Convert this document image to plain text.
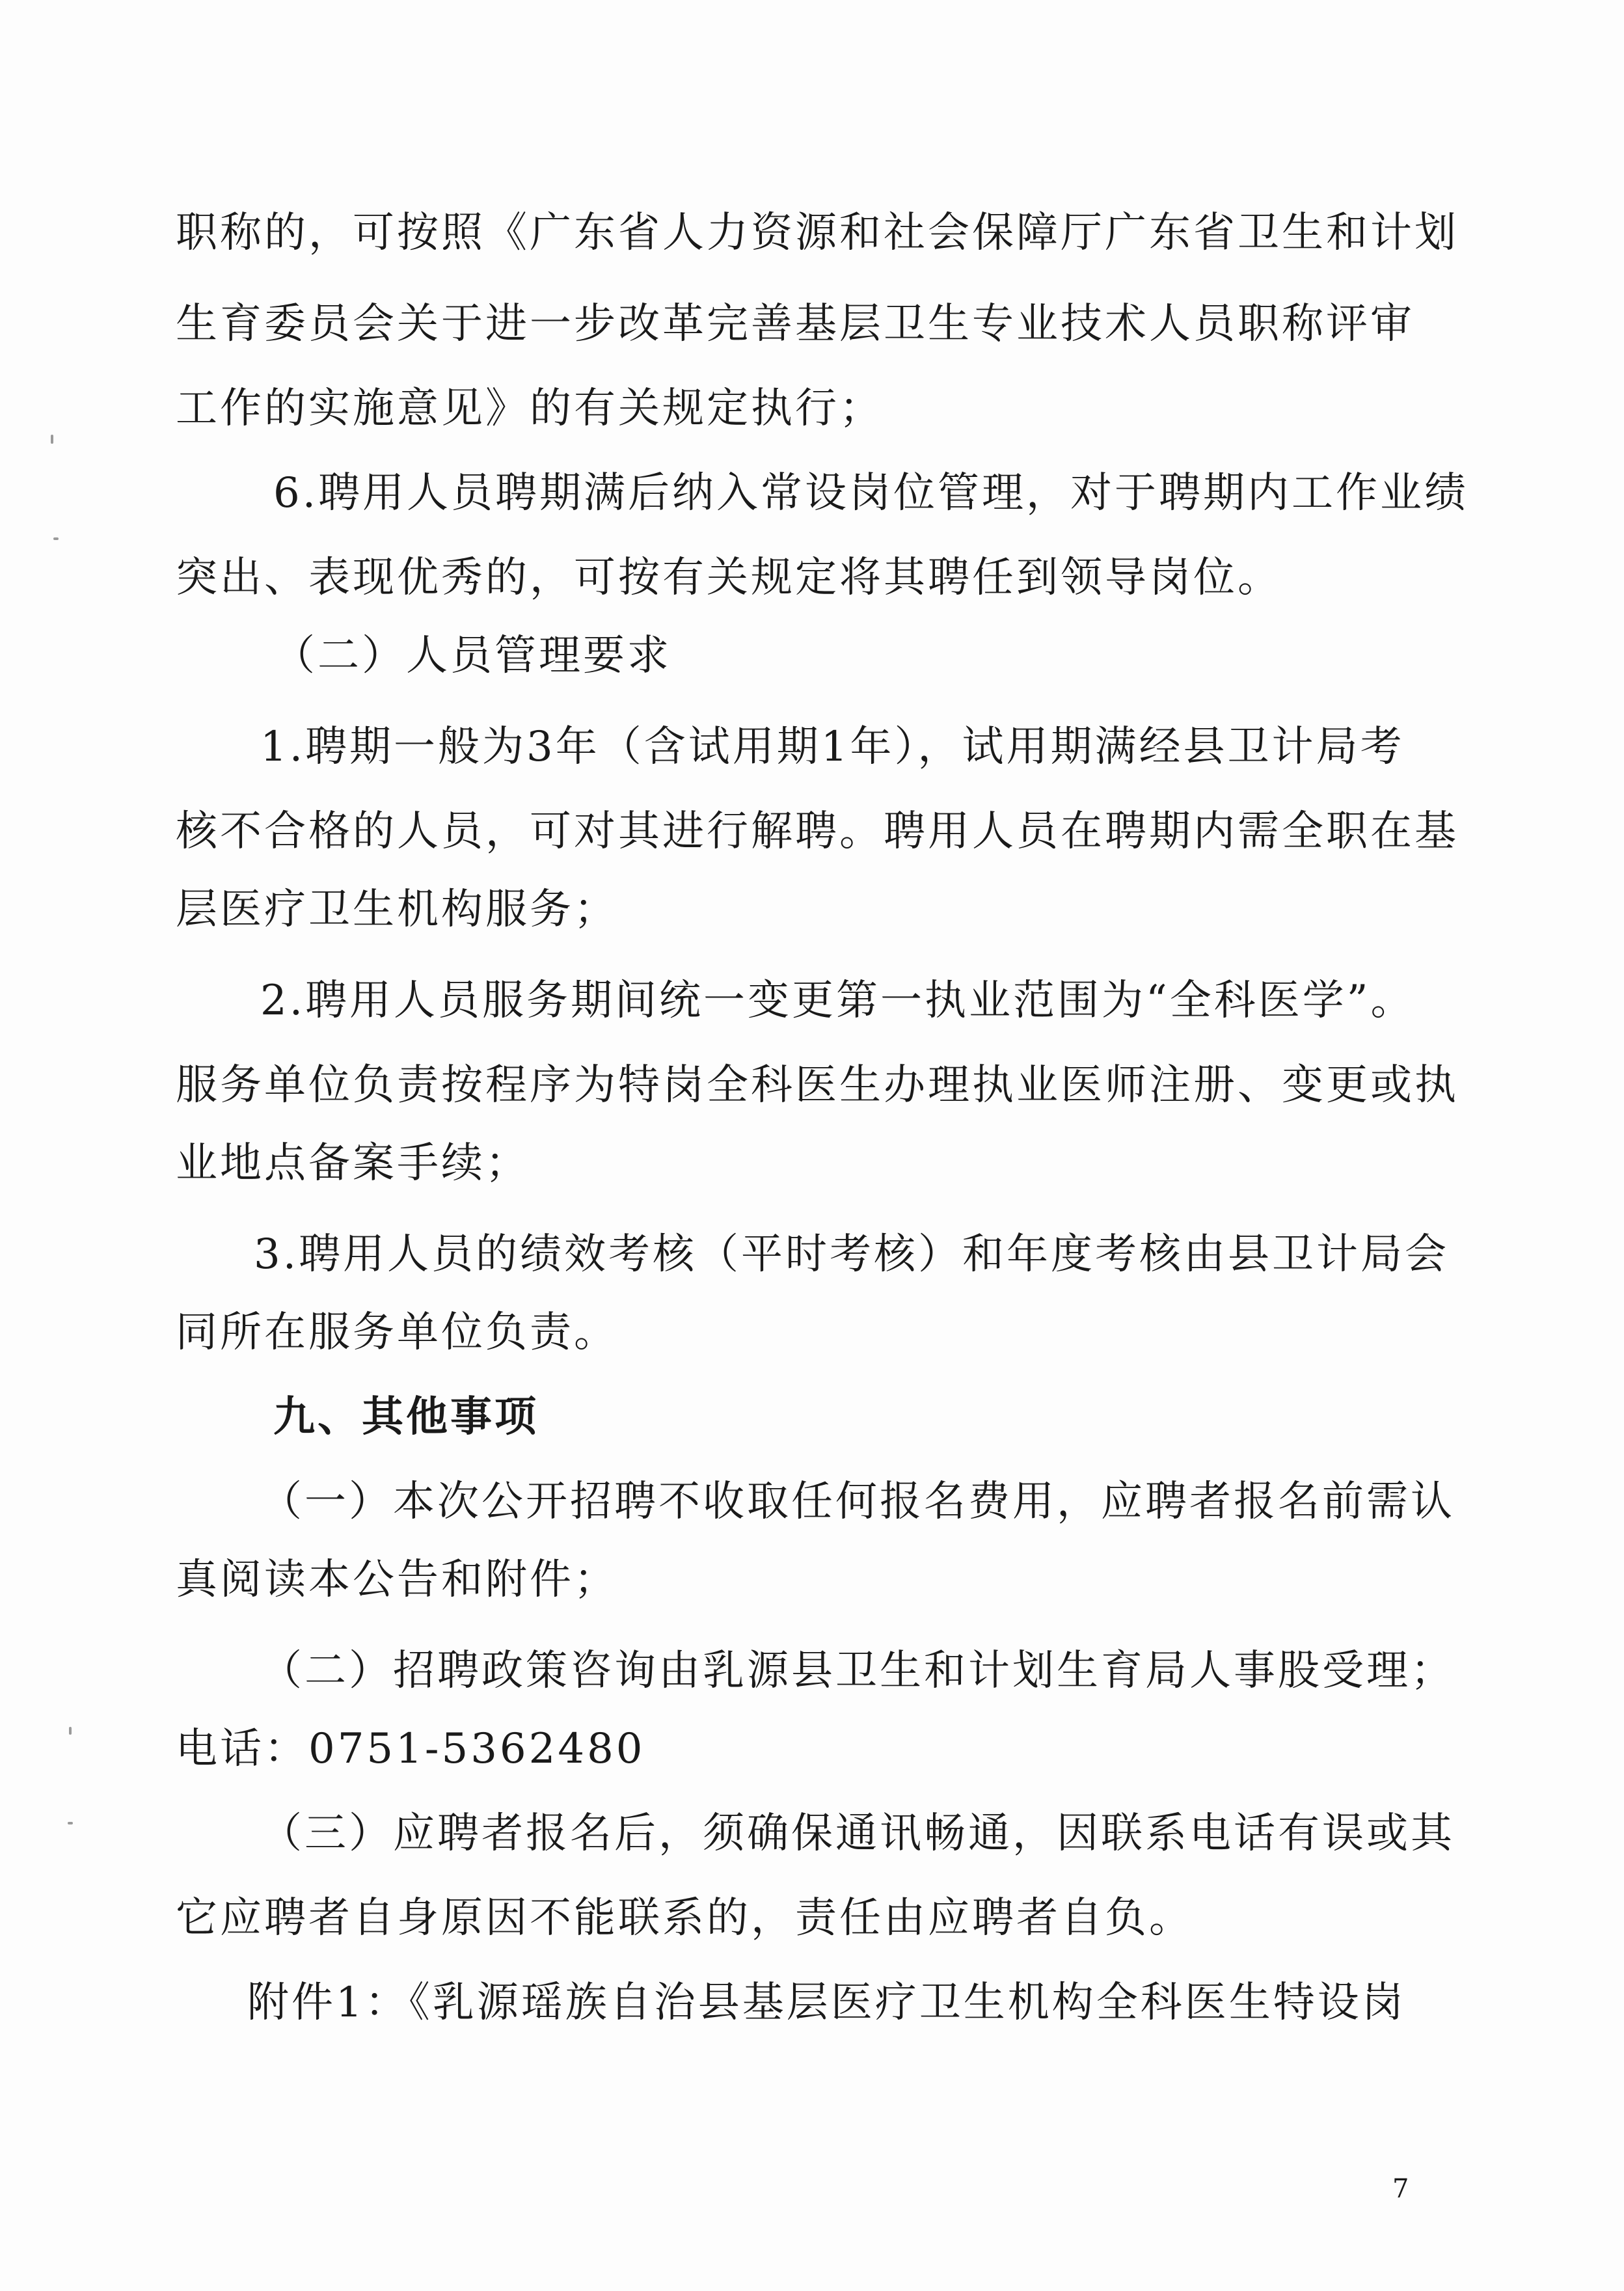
职称的，可按照《广东省人力资源和社会保障厅广东省卫生和计划
生育委员会关于进一步改革完善基层卫生专业技术人员职称评审
工作的实施意见》的有关规定执行；
6.聘用人员聘期满后纳入常设岗位管理，对于聘期内工作业绩
突出、表现优秀的，可按有关规定将其聘任到领导岗位。
（二）人员管理要求
1.聘期一般为3年（含试用期1年），试用期满经县卫计局考
核不合格的人员，可对其进行解聘。聘用人员在聘期内需全职在基
层医疗卫生机构服务；
2.聘用人员服务期间统一变更第一执业范围为“全科医学”。
服务单位负责按程序为特岗全科医生办理执业医师注册、变更或执
业地点备案手续；
3.聘用人员的绩效考核（平时考核）和年度考核由县卫计局会
同所在服务单位负责。
九、其他事项
（一）本次公开招聘不收取任何报名费用，应聘者报名前需认
真阅读本公告和附件；
（二）招聘政策咨询由乳源县卫生和计划生育局人事股受理；
电话：0751-5362480
（三）应聘者报名后，须确保通讯畅通，因联系电话有误或其
它应聘者自身原因不能联系的，责任由应聘者自负。
附件1：《乳源瑶族自治县基层医疗卫生机构全科医生特设岗
7
